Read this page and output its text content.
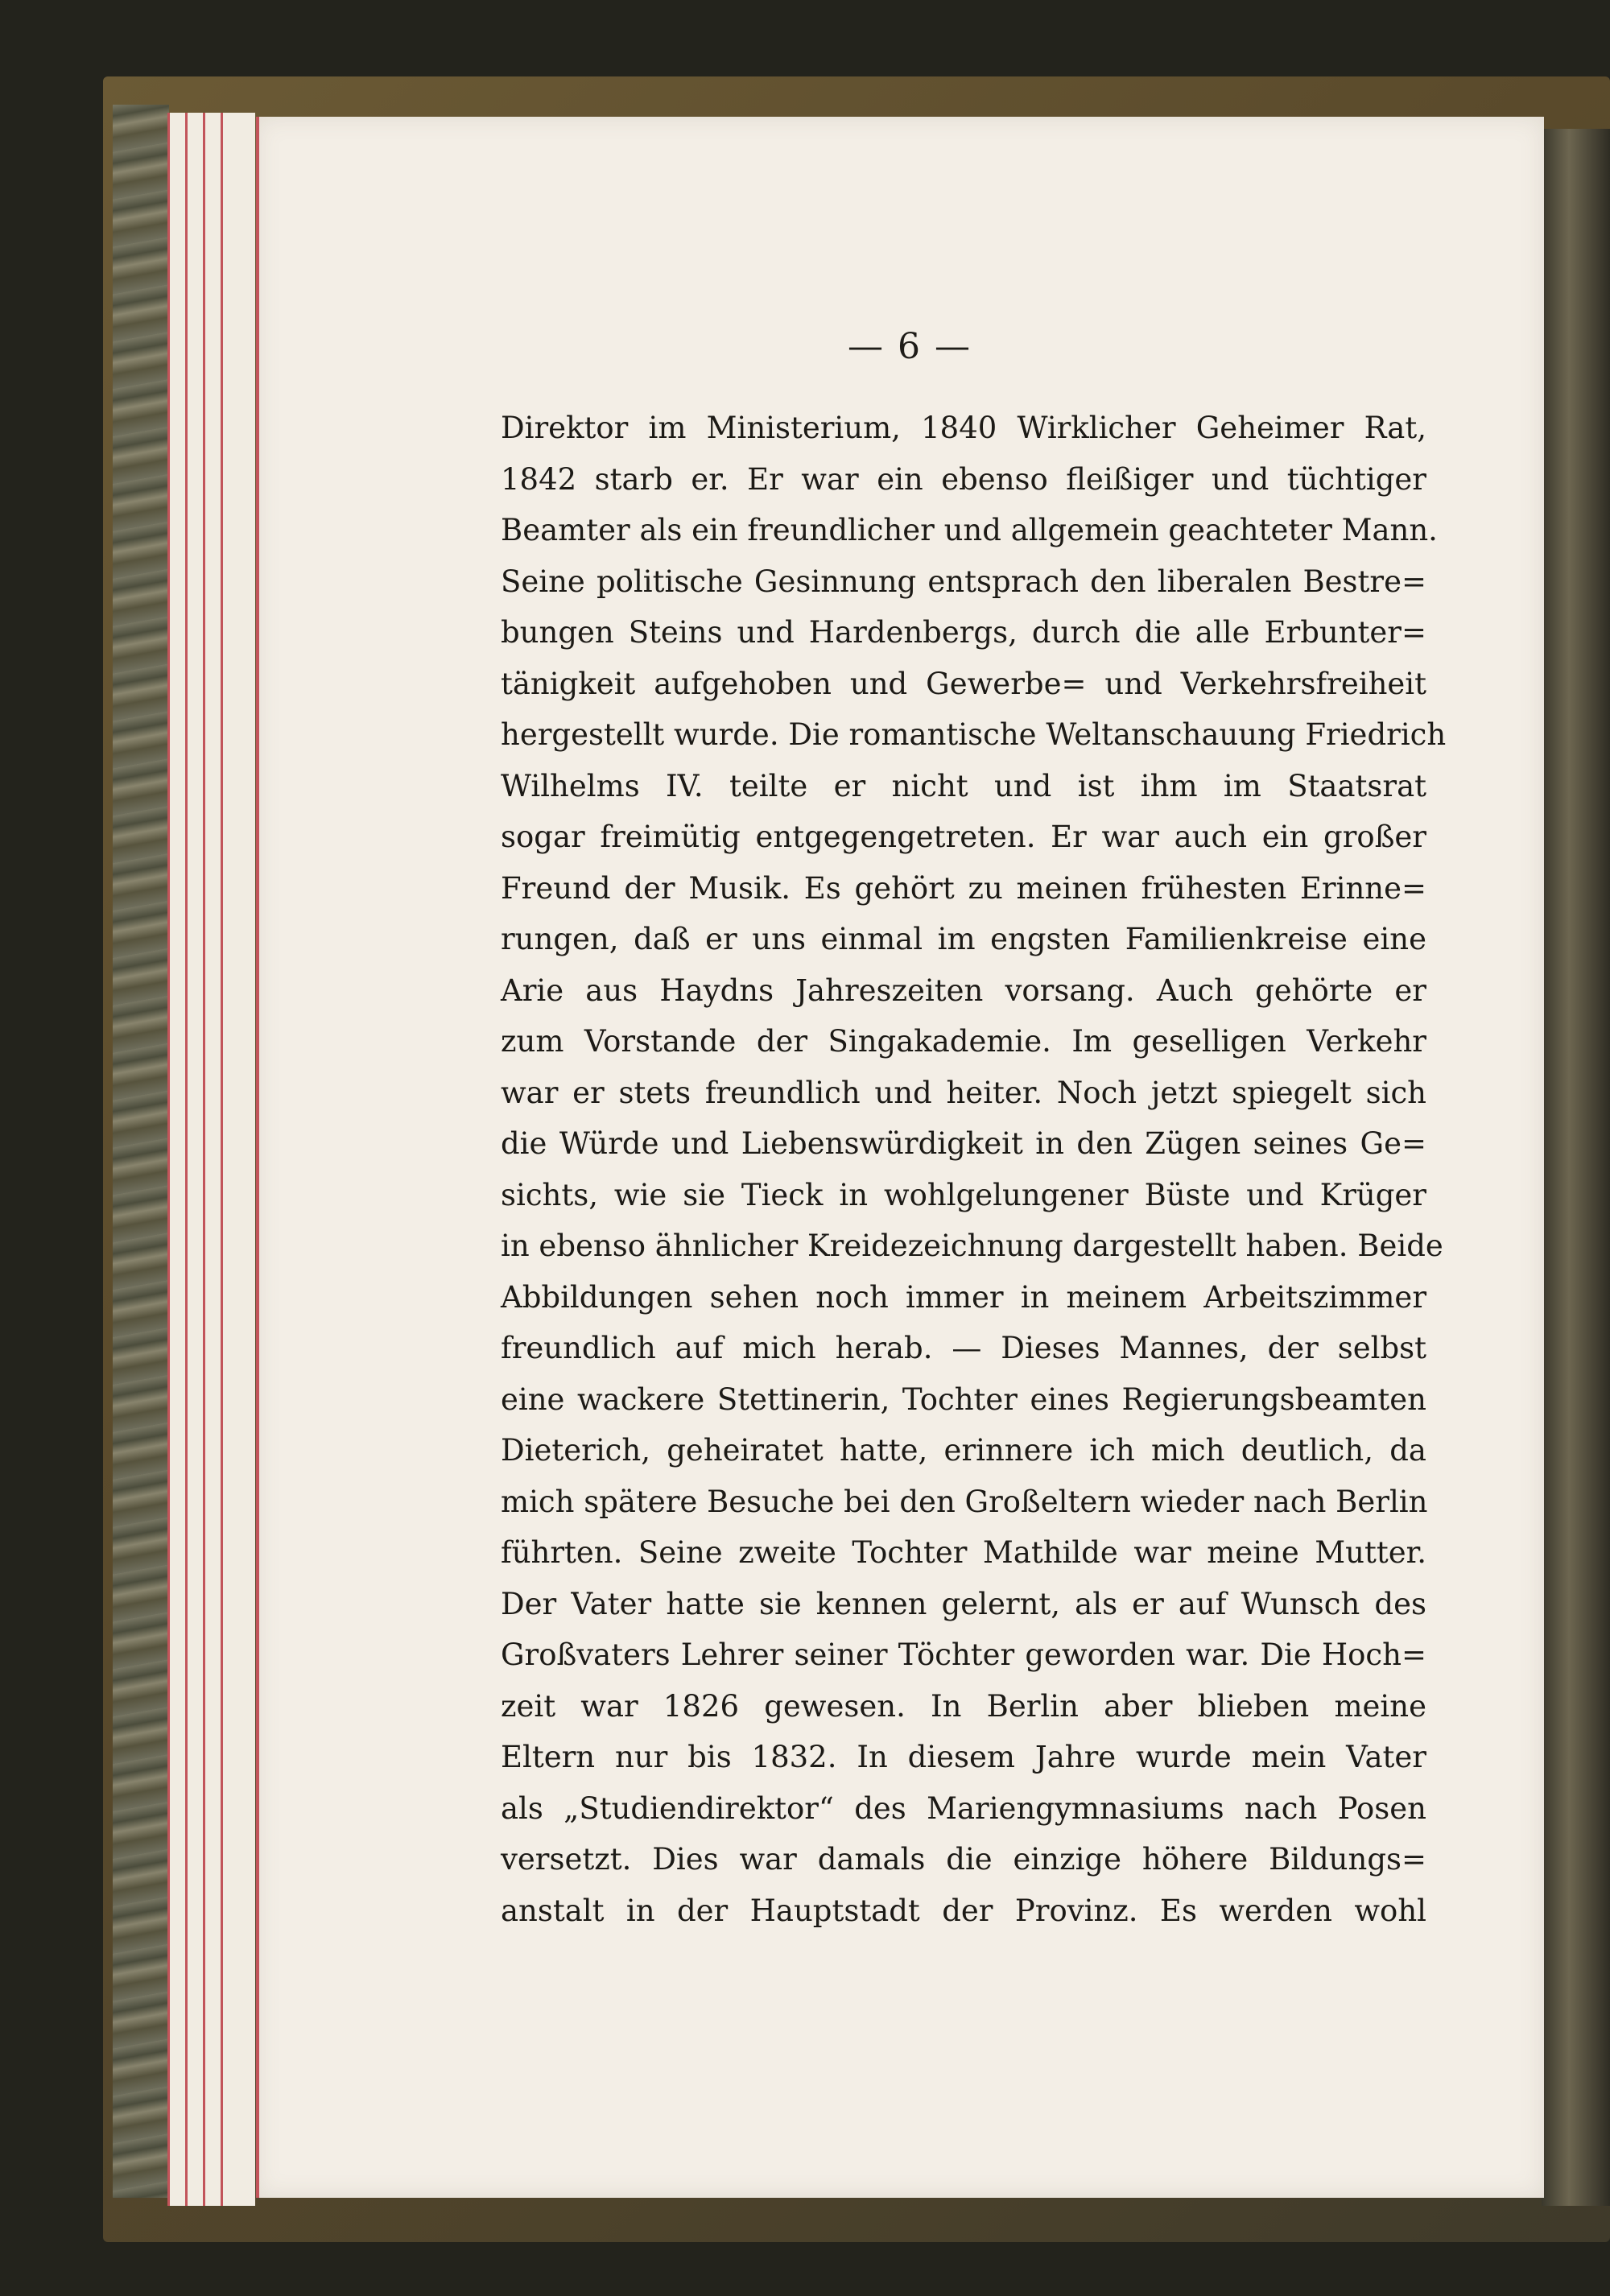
— 6 —
Direktor im Ministerium, 1840 Wirklicher Geheimer Rat,
1842 starb er. Er war ein ebenso fleißiger und tüchtiger
Beamter als ein freundlicher und allgemein geachteter Mann.
Seine politische Gesinnung entsprach den liberalen Bestre=
bungen Steins und Hardenbergs, durch die alle Erbunter=
tänigkeit aufgehoben und Gewerbe= und Verkehrsfreiheit
hergestellt wurde. Die romantische Weltanschauung Friedrich
Wilhelms IV. teilte er nicht und ist ihm im Staatsrat
sogar freimütig entgegengetreten. Er war auch ein großer
Freund der Musik. Es gehört zu meinen frühesten Erinne=
rungen, daß er uns einmal im engsten Familienkreise eine
Arie aus Haydns Jahreszeiten vorsang. Auch gehörte er
zum Vorstande der Singakademie. Im geselligen Verkehr
war er stets freundlich und heiter. Noch jetzt spiegelt sich
die Würde und Liebenswürdigkeit in den Zügen seines Ge=
sichts, wie sie Tieck in wohlgelungener Büste und Krüger
in ebenso ähnlicher Kreidezeichnung dargestellt haben. Beide
Abbildungen sehen noch immer in meinem Arbeitszimmer
freundlich auf mich herab. — Dieses Mannes, der selbst
eine wackere Stettinerin, Tochter eines Regierungsbeamten
Dieterich, geheiratet hatte, erinnere ich mich deutlich, da
mich spätere Besuche bei den Großeltern wieder nach Berlin
führten. Seine zweite Tochter Mathilde war meine Mutter.
Der Vater hatte sie kennen gelernt, als er auf Wunsch des
Großvaters Lehrer seiner Töchter geworden war. Die Hoch=
zeit war 1826 gewesen. In Berlin aber blieben meine
Eltern nur bis 1832. In diesem Jahre wurde mein Vater
als „Studiendirektor“ des Mariengymnasiums nach Posen
versetzt. Dies war damals die einzige höhere Bildungs=
anstalt in der Hauptstadt der Provinz. Es werden wohl
